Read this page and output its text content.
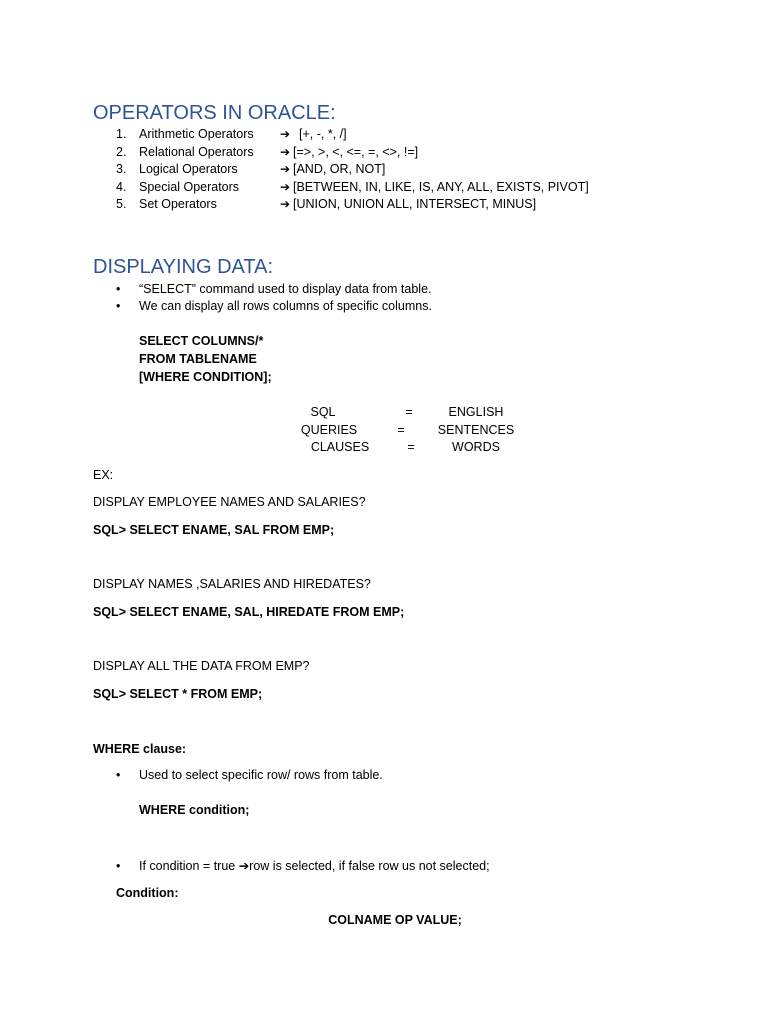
OPERATORS IN ORACLE:
1. Arithmetic Operators ➔ [+, -, *, /]
2. Relational Operators ➔ [=>, >, <, <=, =, <>, !=]
3. Logical Operators	➔ [AND, OR, NOT]
4. Special Operators	➔ [BETWEEN, IN, LIKE, IS, ANY, ALL, EXISTS, PIVOT]
5. Set Operators	➔ [UNION, UNION ALL, INTERSECT, MINUS]
DISPLAYING DATA:
• “SELECT” command used to display data from table.
• We can display all rows columns of specific columns.
SELECT COLUMNS/*
FROM TABLENAME
[WHERE CONDITION];
SQL	=	ENGLISH
QUERIES	=	SENTENCES
CLAUSES	=	WORDS
EX:
DISPLAY EMPLOYEE NAMES AND SALARIES?
SQL> SELECT ENAME, SAL FROM EMP;
DISPLAY NAMES ,SALARIES AND HIREDATES?
SQL> SELECT ENAME, SAL, HIREDATE FROM EMP;
DISPLAY ALL THE DATA FROM EMP?
SQL> SELECT * FROM EMP;
WHERE clause:
• Used to select specific row/ rows from table.
WHERE condition;
• If condition = true ➔row is selected, if false row us not selected;
Condition:
COLNAME OP VALUE;
